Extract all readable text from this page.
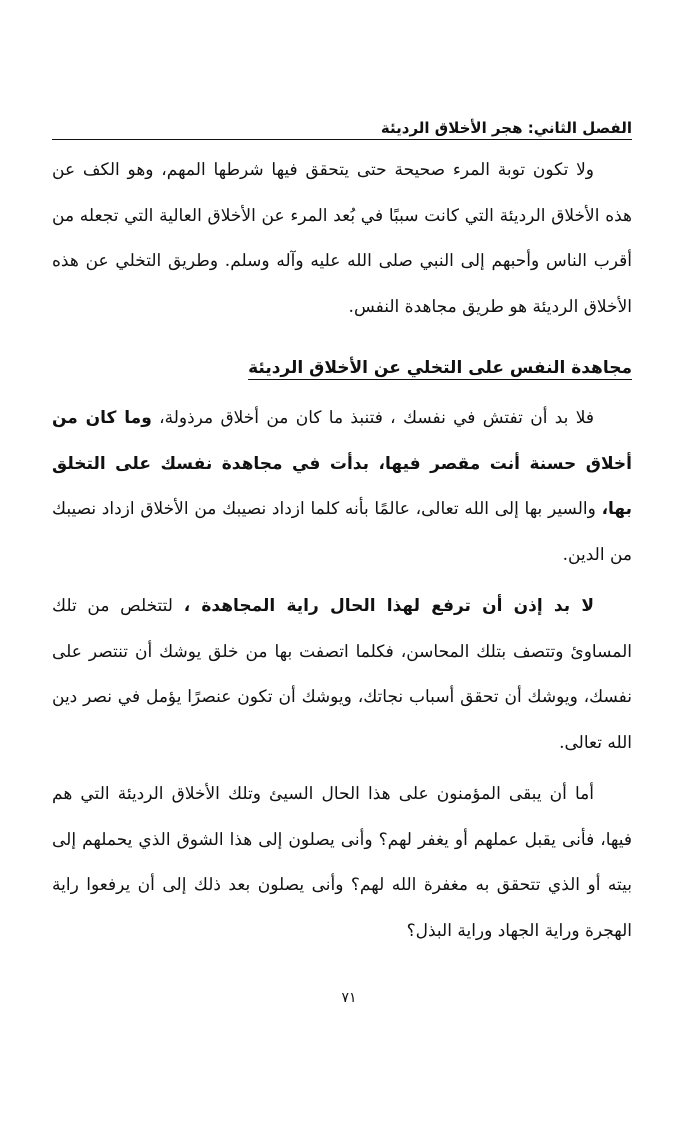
الفصل الثاني: هجر الأخلاق الرديئة

ولا تكون توبة المرء صحيحة حتى يتحقق فيها شرطها المهم، وهو الكف عن هذه الأخلاق الرديئة التي كانت سببًا في بُعد المرء عن الأخلاق العالية التي تجعله من أقرب الناس وأحبهم إلى النبي صلى الله عليه وآله وسلم. وطريق التخلي عن هذه الأخلاق الرديئة هو طريق مجاهدة النفس.

مجاهدة النفس على التخلي عن الأخلاق الرديئة

فلا بد أن تفتش في نفسك ، فتنبذ ما كان من أخلاق مرذولة، وما كان من أخلاق حسنة أنت مقصر فيها، بدأت في مجاهدة نفسك على التخلق بها، والسير بها إلى الله تعالى، عالمًا بأنه كلما ازداد نصيبك من الأخلاق ازداد نصيبك من الدين.

لا بد إذن أن ترفع لهذا الحال راية المجاهدة ، لتتخلص من تلك المساوئ وتتصف بتلك المحاسن، فكلما اتصفت بها من خلق يوشك أن تنتصر على نفسك، ويوشك أن تحقق أسباب نجاتك، ويوشك أن تكون عنصرًا يؤمل في نصر دين الله تعالى.

أما أن يبقى المؤمنون على هذا الحال السيئ وتلك الأخلاق الرديئة التي هم فيها، فأنى يقبل عملهم أو يغفر لهم؟ وأنى يصلون إلى هذا الشوق الذي يحملهم إلى بيته أو الذي تتحقق به مغفرة الله لهم؟ وأنى يصلون بعد ذلك إلى أن يرفعوا راية الهجرة وراية الجهاد وراية البذل؟

٧١
